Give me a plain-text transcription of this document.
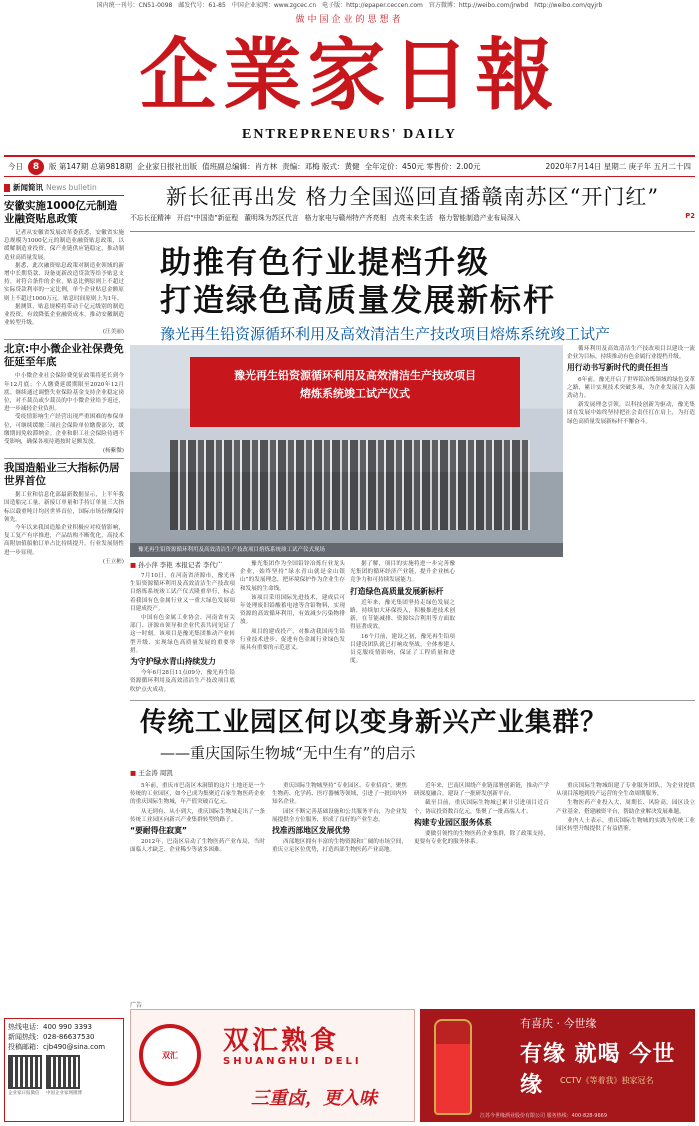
国内统一刊号：CN51-0098 邮发代号：61-85 中国企业家网：www.zgcec.cn 电子版：http://epaper.ceccen.com 官方微博：http://weibo.com/jrwbd http://weibo.com/qyjrb
做中国企业的思想者
企業家日報
ENTREPRENEURS' DAILY
今日	8	版 第147期 总第9818期 企业家日报社出版 值班副总编辑：肖方林 责编：邓梅 版式：黄健 全年定价：450元 零售价：2.00元	2020年7月14日 星期二 庚子年 五月二十四
新闻简讯 News bulletin
安徽实施1000亿元制造业融资贴息政策

记者从安徽省发展改革委获悉，安徽省实施总规模为1000亿元的制造业融资贴息政策，以缓解制造业投资、保产业链供应链稳定，推动制造业高质量发展。

据悉，此次融资贴息政策对制造业领域的新增中长期贷款、设备更新改造贷款等给予贴息支持。对符合条件的企业，贴息比例原则上不超过实际贷款利率的一定比例，单个企业贴息金额原则上不超过1000万元。贴息时间原则上为1年。

据测算，贴息规模将带动千亿元级别的制造业投资，有效降低企业融资成本，推动安徽制造业转型升级。

(汪美丽)
北京:中小微企业社保费免征延至年底

中小微企业社会保险费免征政策将延长到今年12月底；个人缴费延缓期限至2020年12月底。继续通过调整失业保险基金支持企业稳定岗位，对不裁员或少裁员的中小微企业给予返还，进一步减轻企业负担。

受疫情影响生产经营出现严重困难的参保单位，可继续缓缴三项社会保险单位缴费部分，缓缴期间免收滞纳金。企业和职工社会保险待遇不受影响，确保各项待遇按时足额发放。

(杨紫微)
我国造船业三大指标仍居世界首位

据工业和信息化部最新数据显示，上半年我国造船完工量、新接订单量和手持订单量三大指标以载重吨计均居世界首位，国际市场份额保持领先。

今年以来我国造船企业积极应对疫情影响，复工复产有序推进，产品结构不断优化，高技术高附加值船舶订单占比持续提升，行业发展韧性进一步显现。

(王立彬)
热线电话：400 990 3393
新闻热线：028-86637530
投稿邮箱：cjb490@sina.com
企业家日报微信	中国企业家网微博
新长征再出发 格力全国巡回直播赣南苏区“开门红”
不忘长征精神 开启“中国造”新征程 董明珠为苏区代言 格力家电与赣州特产齐亮相 点亮未来生活 格力智能制造产业布局深入	P2
助推有色行业提档升级
打造绿色高质量发展新标杆
豫光再生铅资源循环利用及高效清洁生产技改项目熔炼系统竣工试产
豫光再生铅资源循环利用及高效清洁生产技改项目
熔炼系统竣工试产仪式
豫光再生铅资源循环利用及高效清洁生产技改项目熔炼系统竣工试产仪式现场
■ 孙小萍 李艳 本报记者 李代广

7月10日，在河南省济源市，豫光再生铅资源循环利用及高效清洁生产技改项目熔炼系统竣工试产仪式隆重举行，标志着我国有色金属行业又一重大绿色发展项目建成投产。

中国有色金属工业协会、河南省有关部门、济源市领导和企业代表共同见证了这一时刻。该项目是豫光集团推动产业转型升级、实现绿色高质量发展的重要举措。

为守护绿水青山持续发力

今年6月28日11点09分，豫光再生铅资源循环利用及高效清洁生产技改项目底吹炉点火成功。

豫光集团作为全国铅锌冶炼行业龙头企业，始终坚持“绿水青山就是金山银山”的发展理念，把环境保护作为企业生存和发展的生命线。

该项目采用国际先进技术，建成后可年处理废旧铅酸蓄电池等含铅物料，实现资源的高效循环利用，有效减少污染物排放。

项目的建成投产，对推动我国再生铅行业技术进步、促进有色金属行业绿色发展具有重要的示范意义。

据了解，项目的实施将进一步完善豫光集团的循环经济产业链，提升企业核心竞争力和可持续发展能力。

打造绿色高质量发展新标杆

近年来，豫光集团坚持走绿色发展之路，持续加大环保投入，积极推进技术创新，在节能减排、资源综合利用等方面取得显著成效。

16个月前，建设之初，豫光再生铅项目建设团队就已打响攻坚战，全体参建人员克服疫情影响，保证了工程质量和进度。

循环利用及高效清洁生产技改项目以建设一流企业为目标，持续推动有色金属行业提档升级。

用行动书写新时代的责任担当

6年前，豫光开启了世界铅冶炼领域的绿色变革之路，累计实现技术突破多项，为企业发展注入强劲动力。

新发展理念引领，以科技创新为驱动，豫光集团在发展中始终坚持把社会责任扛在肩上，为打造绿色高质量发展新标杆不懈奋斗。

传统工业园区何以变身新兴产业集群？
——重庆国际生物城“无中生有”的启示
■ 王金涛 周凯

5年前，重庆市巴南区木洞镇的这片土地还是一个传统的工业园区，如今已成为集聚近百家生物医药企业的重庆国际生物城，年产值突破百亿元。

从无到有、从小到大，重庆国际生物城走出了一条传统工业园区向新兴产业集群转型的路子。

“要耐得住寂寞”

2012年，巴南区启动了生物医药产业布局，当时面临人才缺乏、企业稀少等诸多困难。

重庆国际生物城坚持“专业园区、专业招商”，聚焦生物药、化学药、医疗器械等领域，引进了一批国内外知名企业。

园区不断完善基础设施和公共服务平台，为企业发展提供全方位服务，形成了良好的产业生态。

找准西部地区发展优势

西部地区拥有丰富的生物资源和广阔的市场空间，重庆立足区位优势，打造西部生物医药产业高地。

近年来，巴南区围绕产业链部署创新链，推动产学研深度融合，建设了一批研发创新平台。

截至目前，重庆国际生物城已累计引进项目近百个，协议投资数百亿元，集聚了一批高端人才。

构建专业园区服务体系

要做引领性的生物医药企业集群，除了政策支持，更要有专业化的服务体系。

重庆国际生物城组建了专业服务团队，为企业提供从项目落地到投产运营的全生命周期服务。

生物医药产业投入大、周期长、风险高，园区设立产业基金，搭建融资平台，帮助企业解决发展难题。

业内人士表示，重庆国际生物城的实践为传统工业园区转型升级提供了有益借鉴。

广告
双汇	双汇熟食
SHUANGHUI DELI
三重卤，更入味
有喜庆 · 今世缘
有缘 就喝 今世缘	CCTV《等着我》独家冠名
江苏今世缘酒业股份有限公司 服务热线：400-828-9669
